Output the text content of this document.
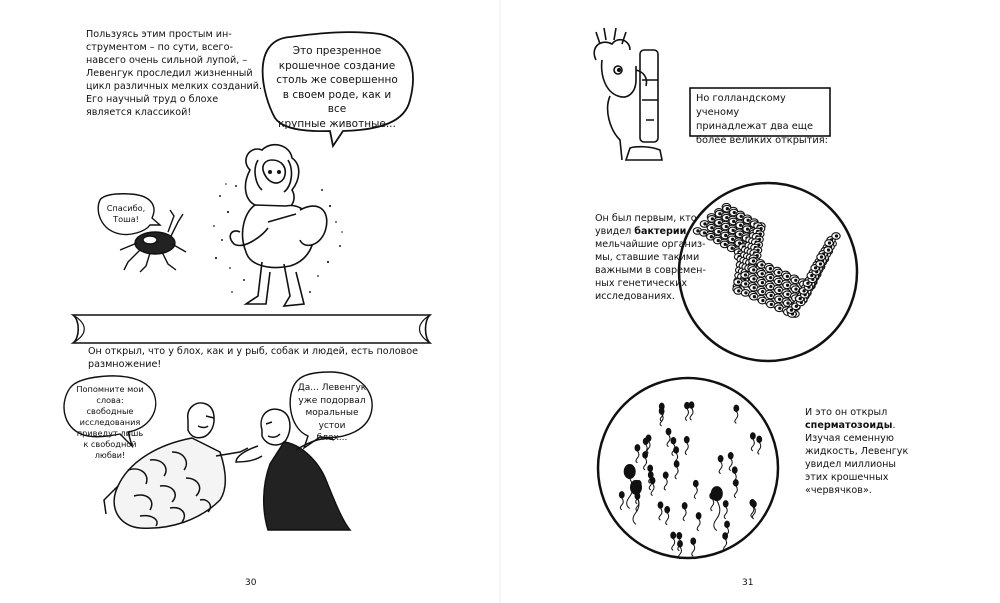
Пользуясь этим простым ин-
струментом – по сути, всего-
навсего очень сильной лупой, –
Левенгук проследил жизненный
цикл различных мелких созданий.
Его научный труд о блохе
является классикой!
Это презренное
крошечное создание
столь же совершенно
в своем роде, как и все
крупные животные...
Спасибо,
Тоша!
Он открыл, что у блох, как и у рыб, собак и людей, есть половое
размножение!
Попомните мои слова:
свободные исследования
приведут лишь
к свободной
любви!
Да... Левенгук
уже подорвал
моральные устои
блох...
30
Но голландскому ученому
принадлежат два еще
более великих открытия:
Он был первым, кто
увидел бактерии,
мельчайшие организ-
мы, ставшие такими
важными в современ-
ных генетических
исследованиях.
И это он открыл
сперматозоиды.
Изучая семенную
жидкость, Левенгук
увидел миллионы
этих крошечных
«червячков».
31
